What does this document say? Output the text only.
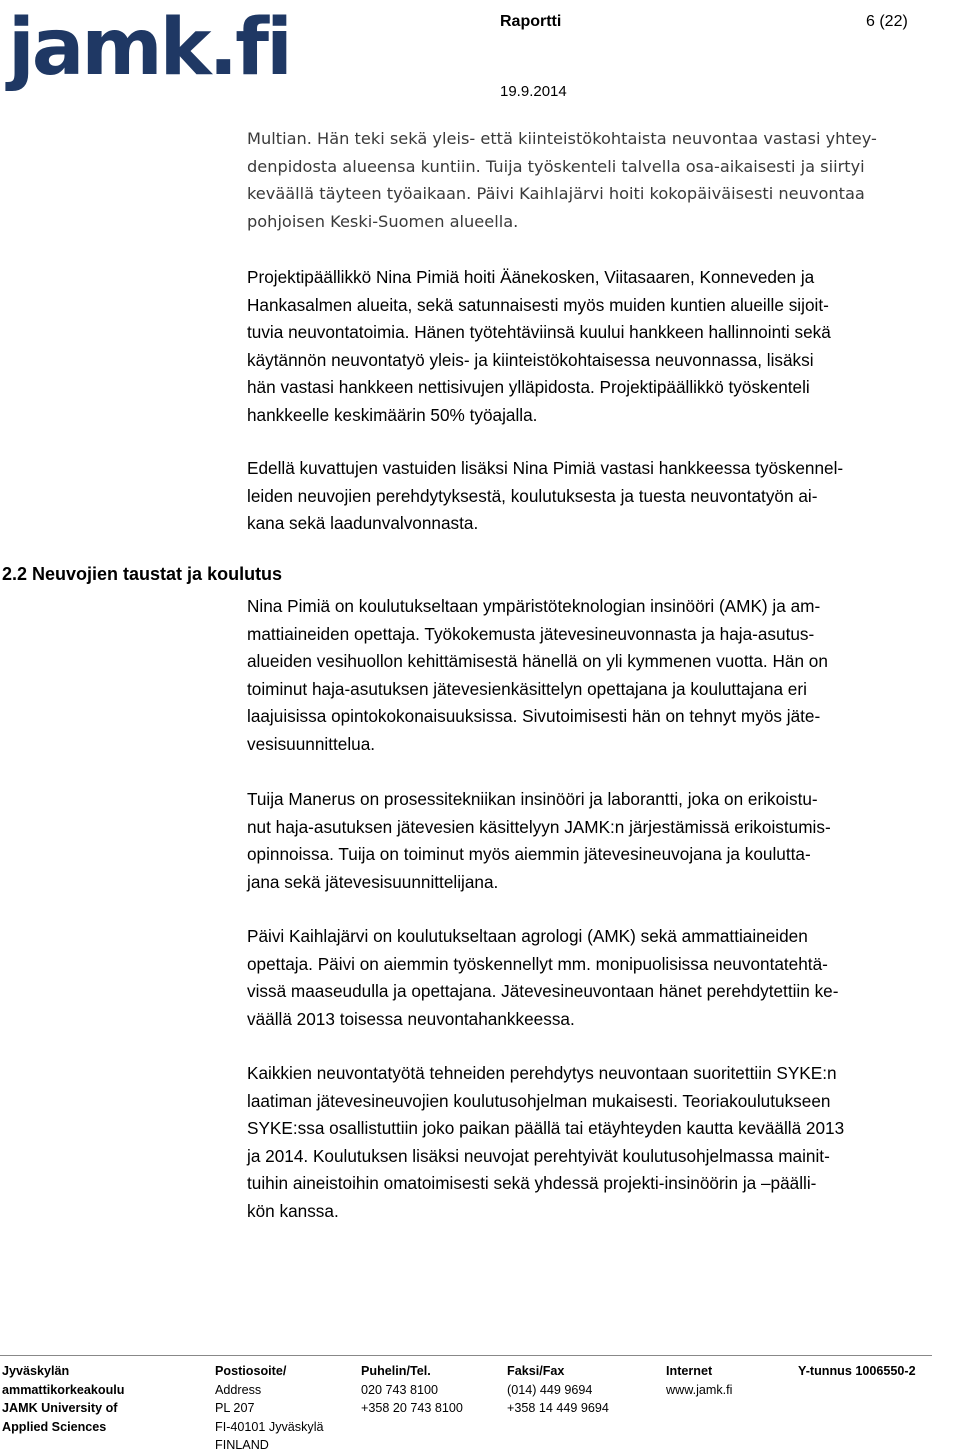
jamk.fi	Raportti	6 (22)
19.9.2014

Multian. Hän teki sekä yleis- että kiinteistökohtaista neuvontaa vastasi yhtey-
denpidosta alueensa kuntiin. Tuija työskenteli talvella osa-aikaisesti ja siirtyi
keväällä täyteen työaikaan. Päivi Kaihlajärvi hoiti kokopäiväisesti neuvontaa
pohjoisen Keski-Suomen alueella.

Projektipäällikkö Nina Pimiä hoiti Äänekosken, Viitasaaren, Konneveden ja
Hankasalmen alueita, sekä satunnaisesti myös muiden kuntien alueille sijoit-
tuvia neuvontatoimia. Hänen työtehtäviinsä kuului hankkeen hallinnointi sekä
käytännön neuvontatyö yleis- ja kiinteistökohtaisessa neuvonnassa, lisäksi
hän vastasi hankkeen nettisivujen ylläpidosta. Projektipäällikkö työskenteli
hankkeelle keskimäärin 50% työajalla.

Edellä kuvattujen vastuiden lisäksi Nina Pimiä vastasi hankkeessa työskennel-
leiden neuvojien perehdytyksestä, koulutuksesta ja tuesta neuvontatyön ai-
kana sekä laadunvalvonnasta.

2.2 Neuvojien taustat ja koulutus

Nina Pimiä on koulutukseltaan ympäristöteknologian insinööri (AMK) ja am-
mattiaineiden opettaja. Työkokemusta jätevesineuvonnasta ja haja-asutus-
alueiden vesihuollon kehittämisestä hänellä on yli kymmenen vuotta. Hän on
toiminut haja-asutuksen jätevesienkäsittelyn opettajana ja kouluttajana eri
laajuisissa opintokokonaisuuksissa. Sivutoimisesti hän on tehnyt myös jäte-
vesisuunnittelua.

Tuija Manerus on prosessitekniikan insinööri ja laborantti, joka on erikoistu-
nut haja-asutuksen jätevesien käsittelyyn JAMK:n järjestämissä erikoistumis-
opinnoissa. Tuija on toiminut myös aiemmin jätevesineuvojana ja koulutta-
jana sekä jätevesisuunnittelijana.

Päivi Kaihlajärvi on koulutukseltaan agrologi (AMK) sekä ammattiaineiden
opettaja. Päivi on aiemmin työskennellyt mm. monipuolisissa neuvontatehtä-
vissä maaseudulla ja opettajana. Jätevesineuvontaan hänet perehdytettiin ke-
väällä 2013 toisessa neuvontahankkeessa.

Kaikkien neuvontatyötä tehneiden perehdytys neuvontaan suoritettiin SYKE:n
laatiman jätevesineuvojien koulutusohjelman mukaisesti. Teoriakoulutukseen
SYKE:ssa osallistuttiin joko paikan päällä tai etäyhteyden kautta keväällä 2013
ja 2014. Koulutuksen lisäksi neuvojat perehtyivät koulutusohjelmassa mainit-
tuihin aineistoihin omatoimisesti sekä yhdessä projekti-insinöörin ja –päälli-
kön kanssa.

Jyväskylän
ammattikorkeakoulu
JAMK University of
Applied Sciences
Postiosoite/
Address
PL 207
FI-40101 Jyväskylä
FINLAND
Puhelin/Tel.
020 743 8100
+358 20 743 8100
Faksi/Fax
(014) 449 9694
+358 14 449 9694
Internet
www.jamk.fi
Y-tunnus 1006550-2
